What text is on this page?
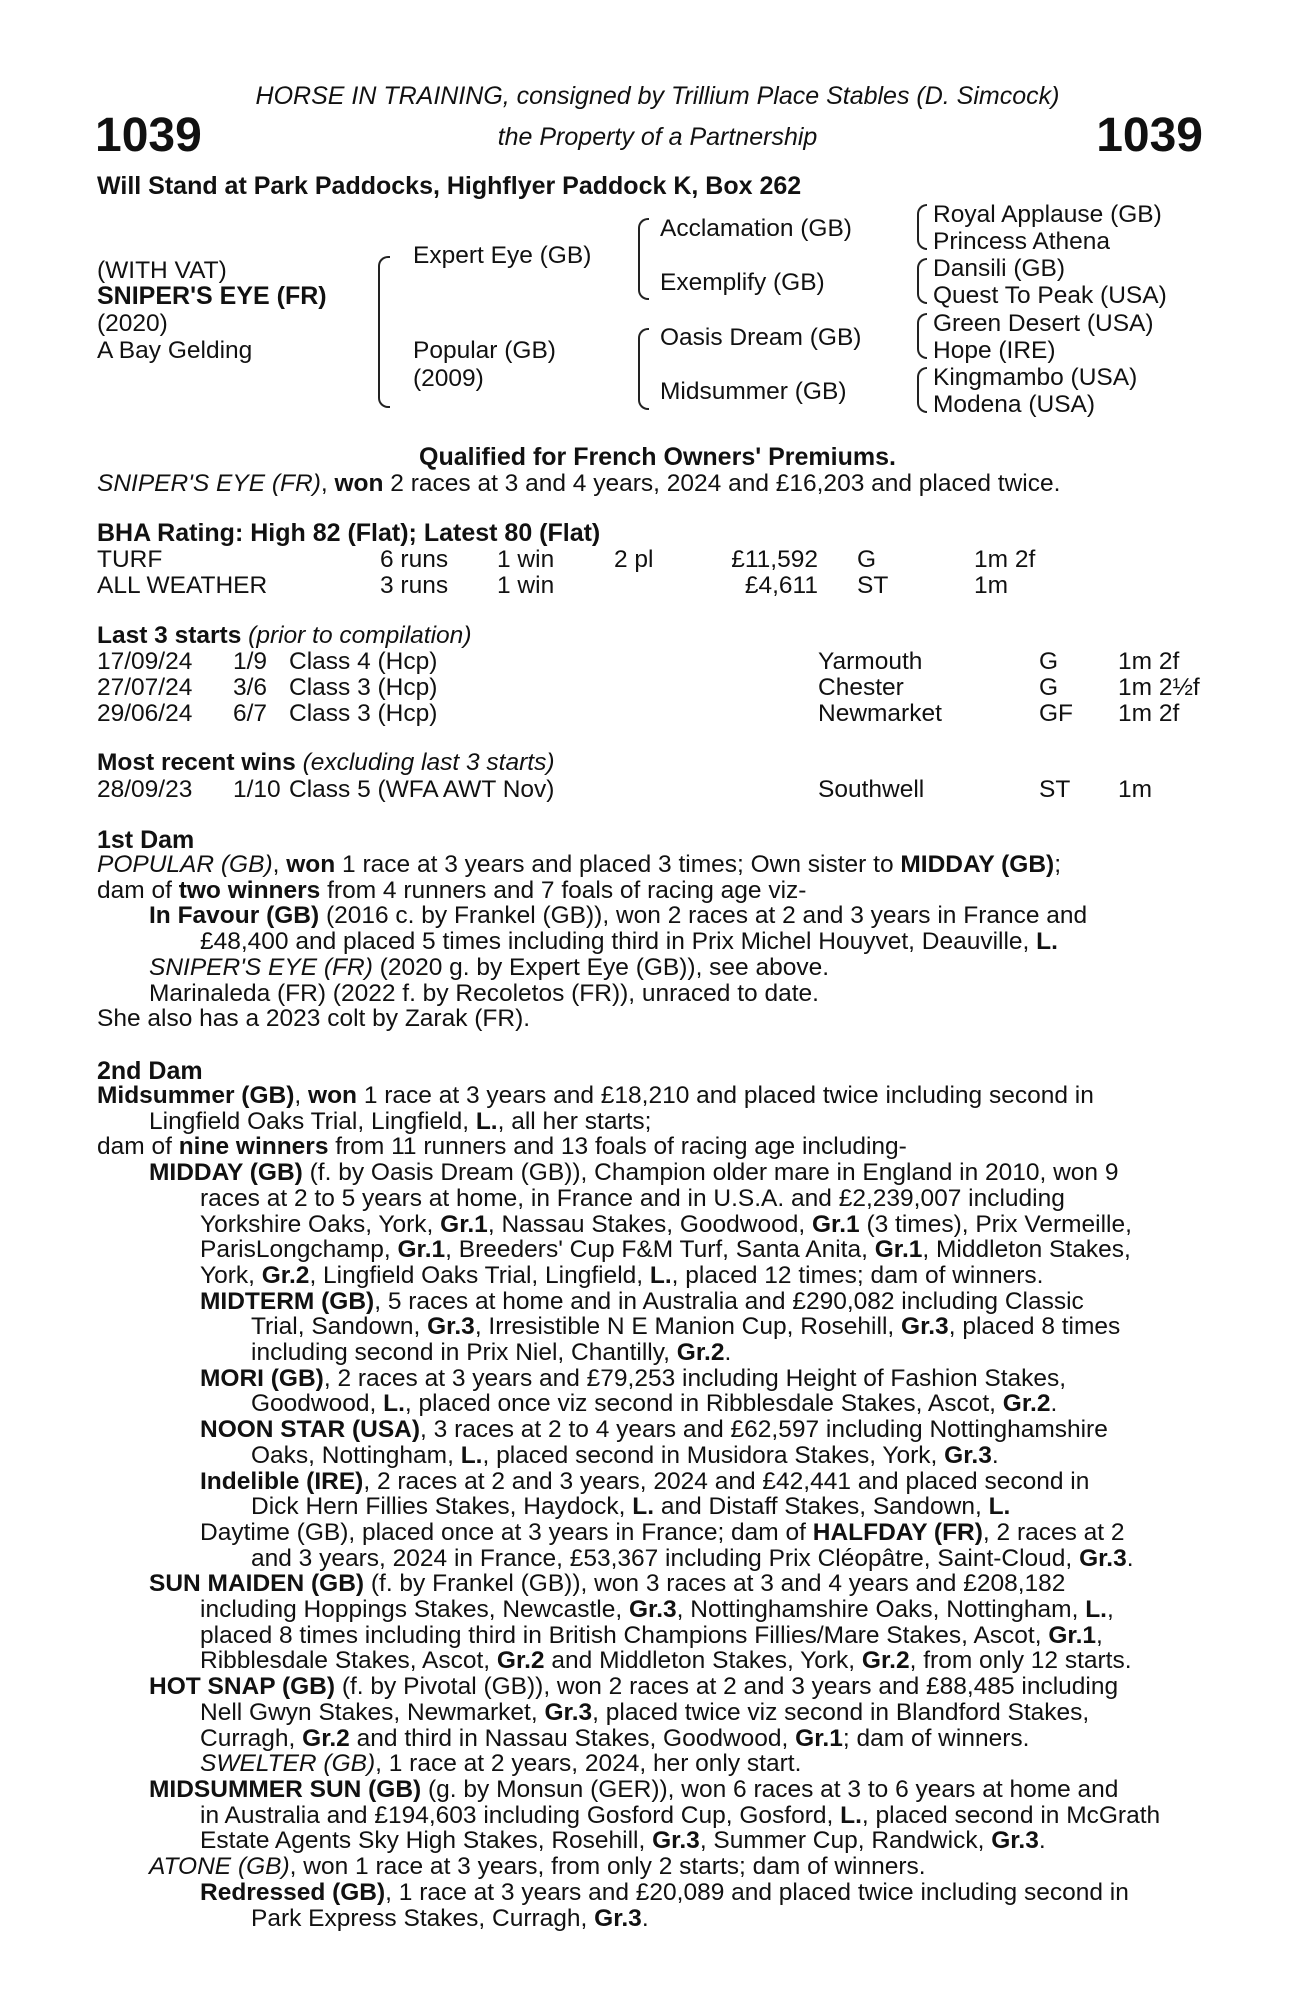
HORSE IN TRAINING, consigned by Trillium Place Stables (D. Simcock)
1039	the Property of a Partnership	1039
Will Stand at Park Paddocks, Highflyer Paddock K, Box 262
(WITH VAT)
SNIPER'S EYE (FR)
(2020)
A Bay Gelding
Expert Eye (GB)
Popular (GB)
(2009)
Acclamation (GB)
Exemplify (GB)
Oasis Dream (GB)
Midsummer (GB)
Royal Applause (GB)
Princess Athena
Dansili (GB)
Quest To Peak (USA)
Green Desert (USA)
Hope (IRE)
Kingmambo (USA)
Modena (USA)
Qualified for French Owners' Premiums.
SNIPER'S EYE (FR), won 2 races at 3 and 4 years, 2024 and £16,203 and placed twice.
BHA Rating: High 82 (Flat); Latest 80 (Flat)
TURF	6 runs 1 win 2 pl	£11,592 G	1m 2f
ALL WEATHER	3 runs 1 win	£4,611 ST	1m
Last 3 starts (prior to compilation)
17/09/24 1/9 Class 4 (Hcp)	Yarmouth	G 1m 2f
27/07/24 3/6 Class 3 (Hcp)	Chester	G 1m 2½f
29/06/24 6/7 Class 3 (Hcp)	Newmarket	GF 1m 2f
Most recent wins (excluding last 3 starts)
28/09/23 1/10 Class 5 (WFA AWT Nov)	Southwell	ST 1m
1st Dam
POPULAR (GB), won 1 race at 3 years and placed 3 times; Own sister to MIDDAY (GB);
dam of two winners from 4 runners and 7 foals of racing age viz-
In Favour (GB) (2016 c. by Frankel (GB)), won 2 races at 2 and 3 years in France and
£48,400 and placed 5 times including third in Prix Michel Houyvet, Deauville, L.
SNIPER'S EYE (FR) (2020 g. by Expert Eye (GB)), see above.
Marinaleda (FR) (2022 f. by Recoletos (FR)), unraced to date.
She also has a 2023 colt by Zarak (FR).
2nd Dam
Midsummer (GB), won 1 race at 3 years and £18,210 and placed twice including second in
Lingfield Oaks Trial, Lingfield, L., all her starts;
dam of nine winners from 11 runners and 13 foals of racing age including-
MIDDAY (GB) (f. by Oasis Dream (GB)), Champion older mare in England in 2010, won 9
races at 2 to 5 years at home, in France and in U.S.A. and £2,239,007 including
Yorkshire Oaks, York, Gr.1, Nassau Stakes, Goodwood, Gr.1 (3 times), Prix Vermeille,
ParisLongchamp, Gr.1, Breeders' Cup F&M Turf, Santa Anita, Gr.1, Middleton Stakes,
York, Gr.2, Lingfield Oaks Trial, Lingfield, L., placed 12 times; dam of winners.
MIDTERM (GB), 5 races at home and in Australia and £290,082 including Classic
Trial, Sandown, Gr.3, Irresistible N E Manion Cup, Rosehill, Gr.3, placed 8 times
including second in Prix Niel, Chantilly, Gr.2.
MORI (GB), 2 races at 3 years and £79,253 including Height of Fashion Stakes,
Goodwood, L., placed once viz second in Ribblesdale Stakes, Ascot, Gr.2.
NOON STAR (USA), 3 races at 2 to 4 years and £62,597 including Nottinghamshire
Oaks, Nottingham, L., placed second in Musidora Stakes, York, Gr.3.
Indelible (IRE), 2 races at 2 and 3 years, 2024 and £42,441 and placed second in
Dick Hern Fillies Stakes, Haydock, L. and Distaff Stakes, Sandown, L.
Daytime (GB), placed once at 3 years in France; dam of HALFDAY (FR), 2 races at 2
and 3 years, 2024 in France, £53,367 including Prix Cléopâtre, Saint-Cloud, Gr.3.
SUN MAIDEN (GB) (f. by Frankel (GB)), won 3 races at 3 and 4 years and £208,182
including Hoppings Stakes, Newcastle, Gr.3, Nottinghamshire Oaks, Nottingham, L.,
placed 8 times including third in British Champions Fillies/Mare Stakes, Ascot, Gr.1,
Ribblesdale Stakes, Ascot, Gr.2 and Middleton Stakes, York, Gr.2, from only 12 starts.
HOT SNAP (GB) (f. by Pivotal (GB)), won 2 races at 2 and 3 years and £88,485 including
Nell Gwyn Stakes, Newmarket, Gr.3, placed twice viz second in Blandford Stakes,
Curragh, Gr.2 and third in Nassau Stakes, Goodwood, Gr.1; dam of winners.
SWELTER (GB), 1 race at 2 years, 2024, her only start.
MIDSUMMER SUN (GB) (g. by Monsun (GER)), won 6 races at 3 to 6 years at home and
in Australia and £194,603 including Gosford Cup, Gosford, L., placed second in McGrath
Estate Agents Sky High Stakes, Rosehill, Gr.3, Summer Cup, Randwick, Gr.3.
ATONE (GB), won 1 race at 3 years, from only 2 starts; dam of winners.
Redressed (GB), 1 race at 3 years and £20,089 and placed twice including second in
Park Express Stakes, Curragh, Gr.3.
